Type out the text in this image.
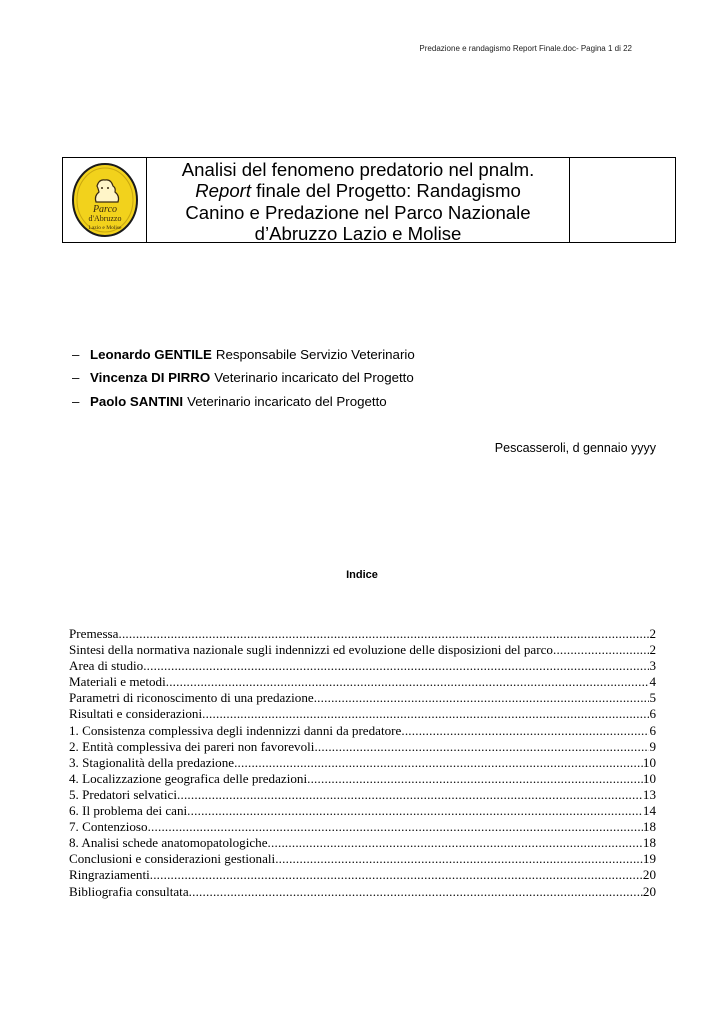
Predazione e randagismo Report Finale.doc- Pagina 1 di 22
Parco
d'Abruzzo
Lazio e Molise
Analisi del fenomeno predatorio nel pnalm.
Report finale del Progetto: Randagismo
Canino e Predazione nel Parco Nazionale
d’Abruzzo Lazio e Molise
– Leonardo GENTILE Responsabile Servizio Veterinario
– Vincenza DI PIRRO Veterinario incaricato del Progetto
– Paolo SANTINI Veterinario incaricato del Progetto
Pescasseroli, d gennaio yyyy
Indice
Premessa .....	2
Sintesi della normativa nazionale sugli indennizzi ed evoluzione delle disposizioni del parco .....	2
Area di studio .....	3
Materiali e metodi .....	4
Parametri di riconoscimento di una predazione .....	5
Risultati e considerazioni .....	6
1. Consistenza complessiva degli indennizzi danni da predatore .....	6
2. Entità complessiva dei pareri non favorevoli .....	9
3. Stagionalità della predazione .....	10
4. Localizzazione geografica delle predazioni .....	10
5. Predatori selvatici .....	13
6. Il problema dei cani .....	14
7. Contenzioso .....	18
8. Analisi schede anatomopatologiche .....	18
Conclusioni e considerazioni gestionali .....	19
Ringraziamenti .....	20
Bibliografia consultata .....	20
